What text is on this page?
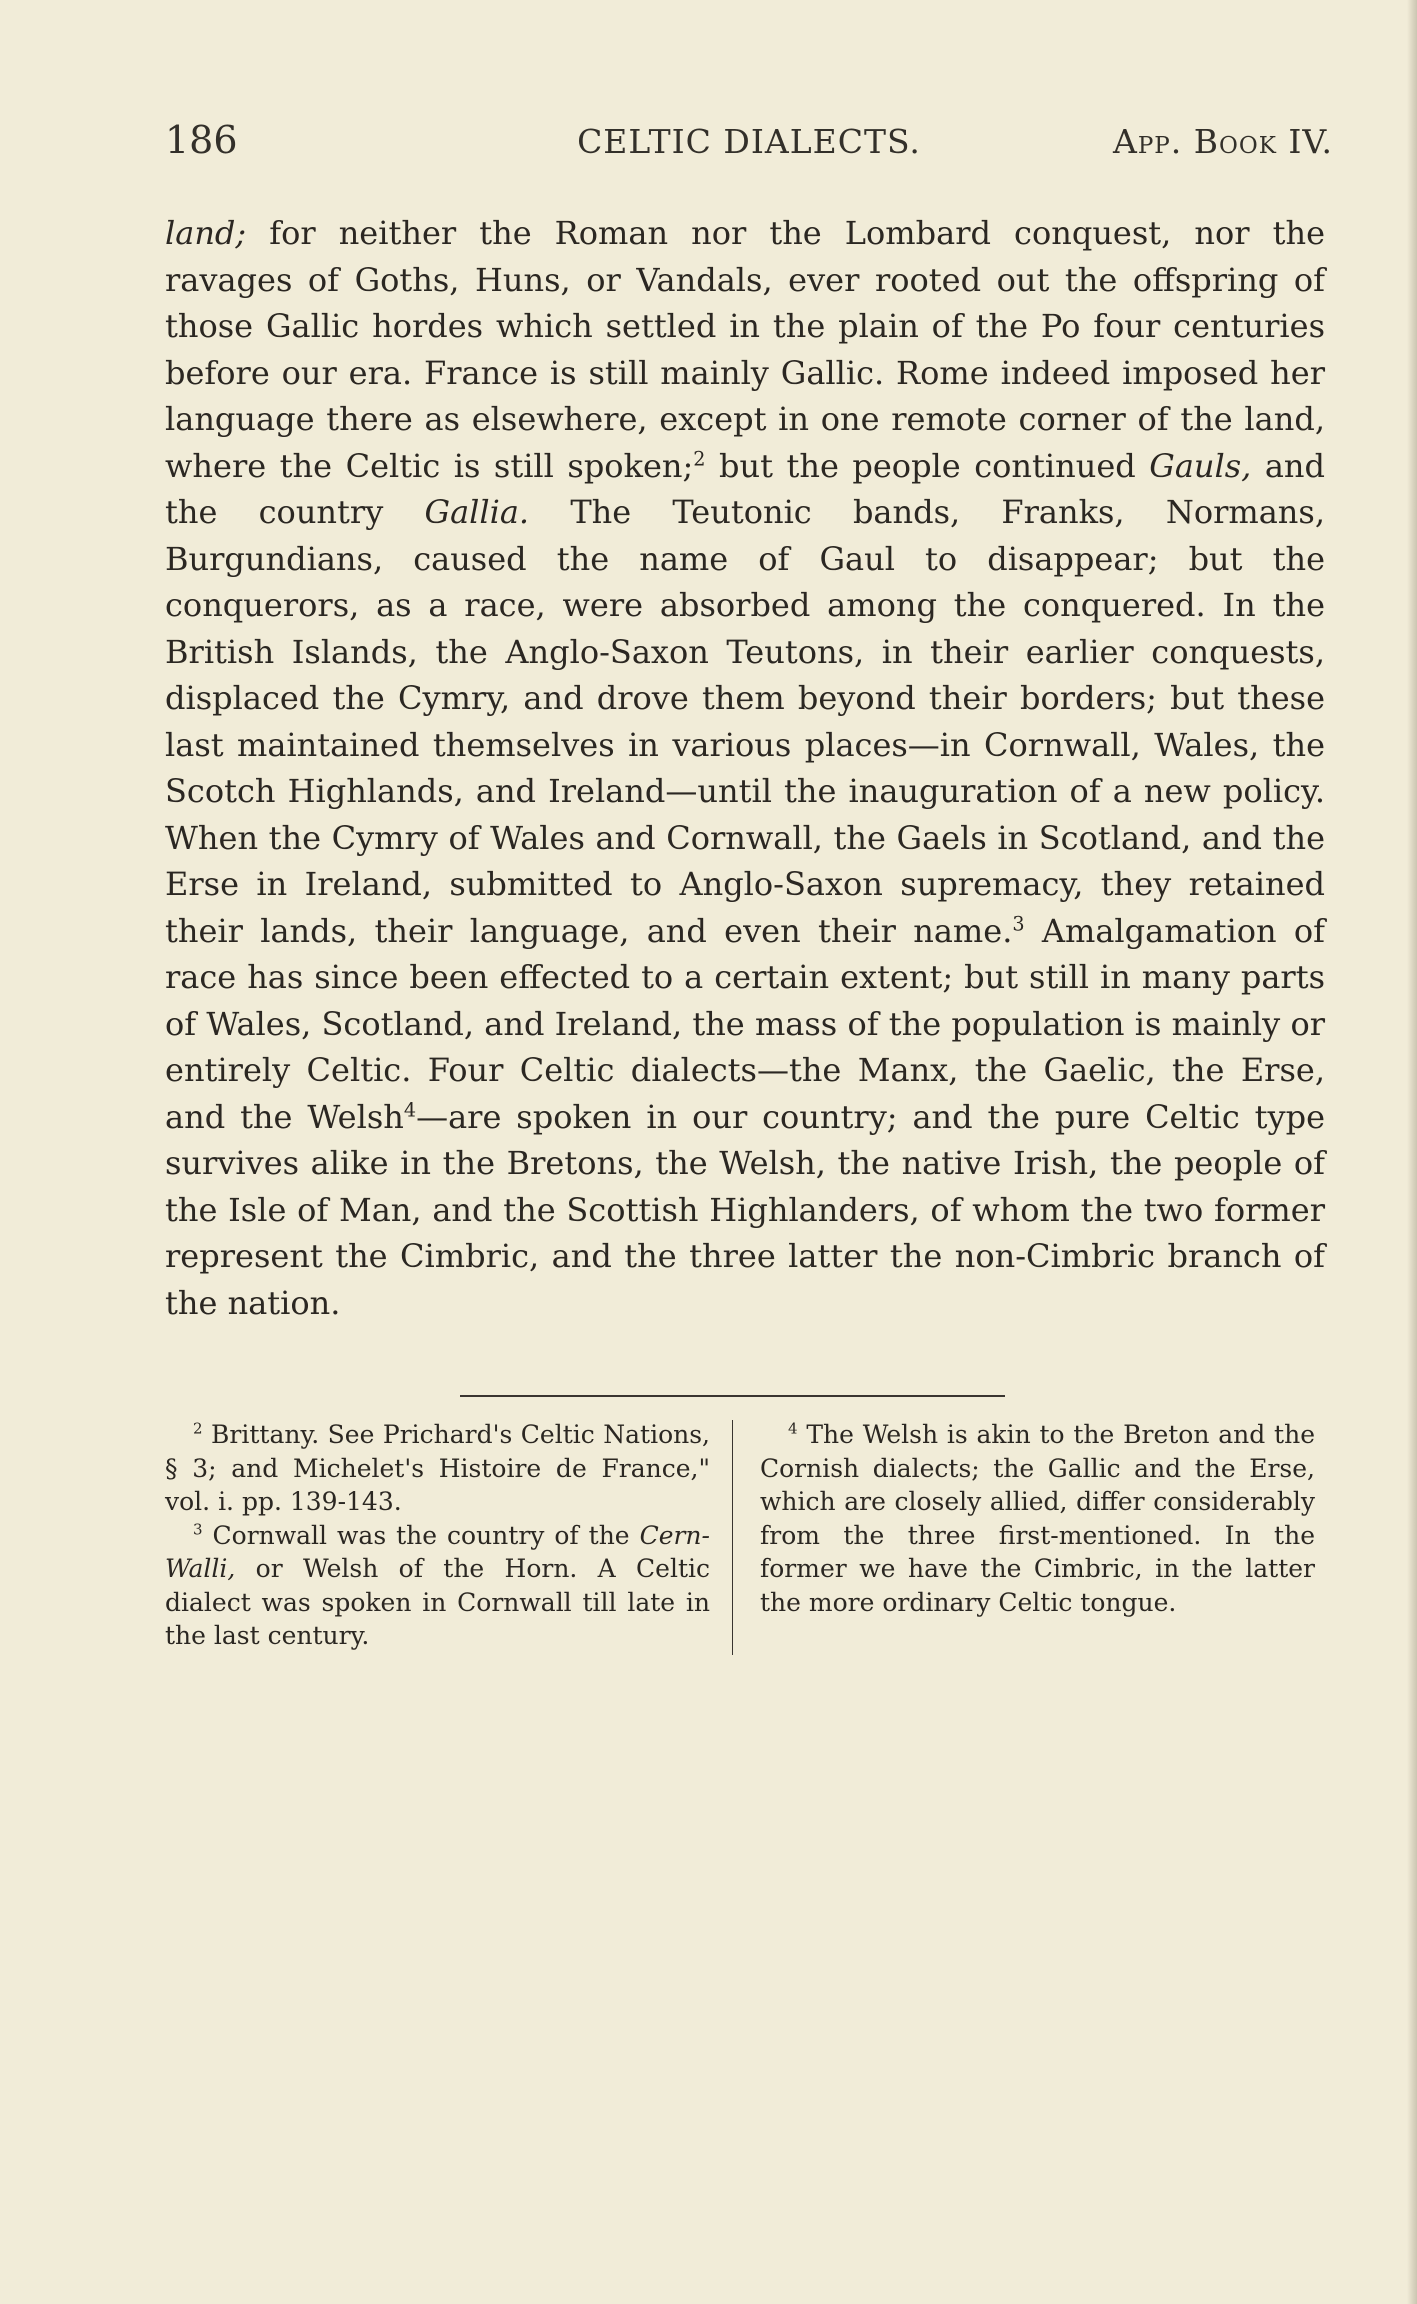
186	CELTIC DIALECTS.	App. Book IV.

land; for neither the Roman nor the Lombard conquest, nor the ravages of Goths, Huns, or Vandals, ever rooted out the offspring of those Gallic hordes which settled in the plain of the Po four centuries before our era. France is still mainly Gallic. Rome indeed imposed her language there as elsewhere, except in one remote corner of the land, where the Celtic is still spoken;$^2$ but the people continued Gauls, and the country Gallia. The Teutonic bands, Franks, Normans, Burgundians, caused the name of Gaul to disappear; but the conquerors, as a race, were absorbed among the conquered. In the British Islands, the Anglo-Saxon Teutons, in their earlier conquests, displaced the Cymry, and drove them beyond their borders; but these last maintained themselves in various places—in Cornwall, Wales, the Scotch Highlands, and Ireland—until the inauguration of a new policy. When the Cymry of Wales and Cornwall, the Gaels in Scotland, and the Erse in Ireland, submitted to Anglo-Saxon supremacy, they retained their lands, their language, and even their name.$^3$ Amalgamation of race has since been effected to a certain extent; but still in many parts of Wales, Scotland, and Ireland, the mass of the population is mainly or entirely Celtic. Four Celtic dialects—the Manx, the Gaelic, the Erse, and the Welsh$^4$—are spoken in our country; and the pure Celtic type survives alike in the Bretons, the Welsh, the native Irish, the people of the Isle of Man, and the Scottish Highlanders, of whom the two former represent the Cimbric, and the three latter the non-Cimbric branch of the nation.

$^2$ Brittany. See Prichard's Celtic Nations, § 3; and Michelet's Histoire de France," vol. i. pp. 139-143.

$^3$ Cornwall was the country of the Cern-Walli, or Welsh of the Horn. A Celtic dialect was spoken in Cornwall till late in the last century.

$^4$ The Welsh is akin to the Breton and the Cornish dialects; the Gallic and the Erse, which are closely allied, differ considerably from the three first-mentioned. In the former we have the Cimbric, in the latter the more ordinary Celtic tongue.
